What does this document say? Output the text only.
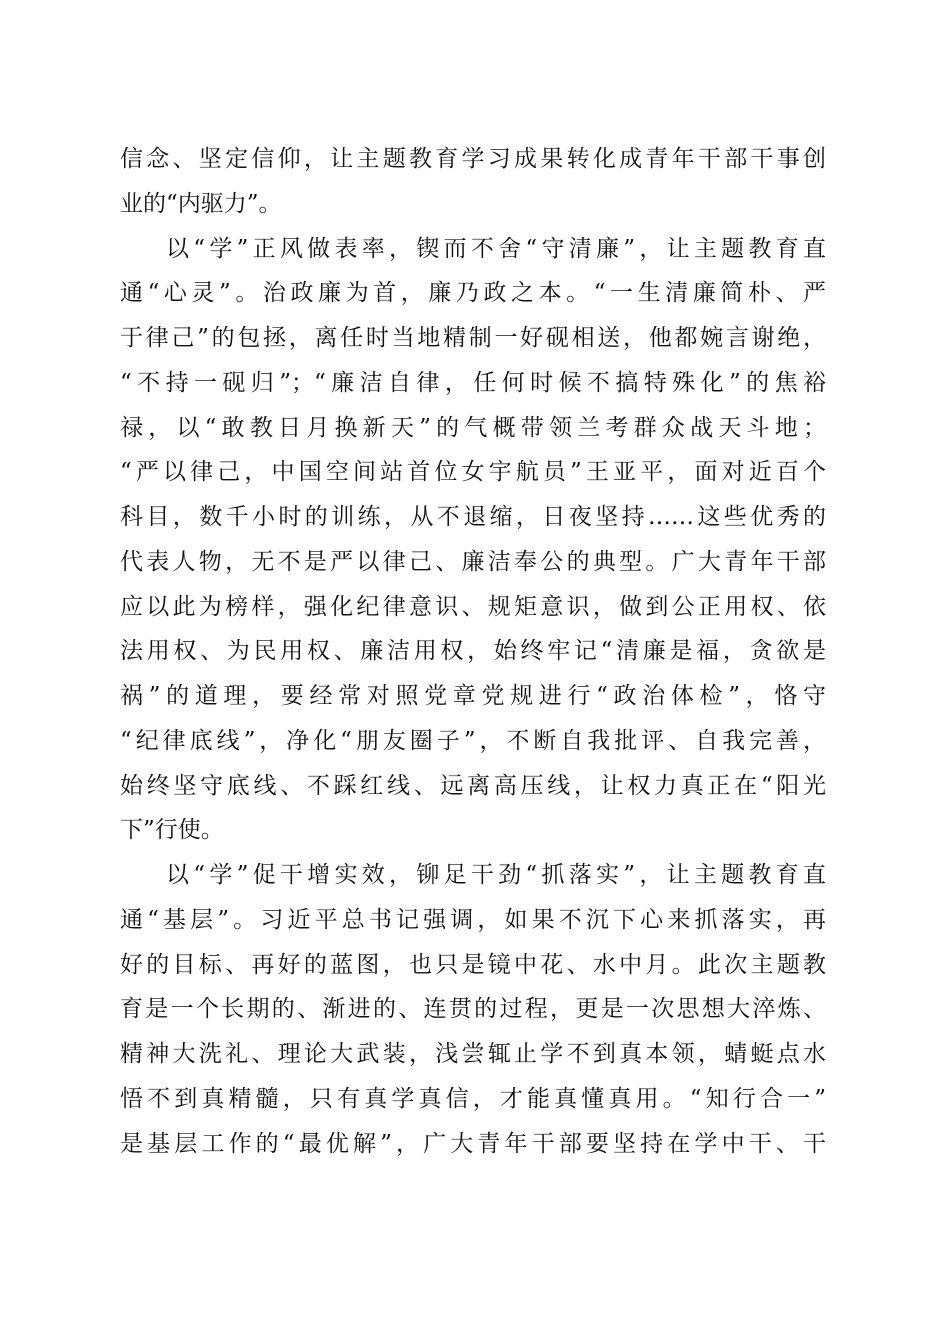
信念、坚定信仰，让主题教育学习成果转化成青年干部干事创
业的“内驱力”。
以“学”正风做表率，锲而不舍“守清廉”，让主题教育直
通“心灵”。治政廉为首，廉乃政之本。“一生清廉简朴、严
于律己”的包拯，离任时当地精制一好砚相送，他都婉言谢绝，
“不持一砚归”；“廉洁自律，任何时候不搞特殊化”的焦裕
禄，以“敢教日月换新天”的气概带领兰考群众战天斗地；
“严以律己，中国空间站首位女宇航员”王亚平，面对近百个
科目，数千小时的训练，从不退缩，日夜坚持……这些优秀的
代表人物，无不是严以律己、廉洁奉公的典型。广大青年干部
应以此为榜样，强化纪律意识、规矩意识，做到公正用权、依
法用权、为民用权、廉洁用权，始终牢记“清廉是福，贪欲是
祸”的道理，要经常对照党章党规进行“政治体检”，恪守
“纪律底线”，净化“朋友圈子”，不断自我批评、自我完善，
始终坚守底线、不踩红线、远离高压线，让权力真正在“阳光
下”行使。
以“学”促干增实效，铆足干劲“抓落实”，让主题教育直
通“基层”。习近平总书记强调，如果不沉下心来抓落实，再
好的目标、再好的蓝图，也只是镜中花、水中月。此次主题教
育是一个长期的、渐进的、连贯的过程，更是一次思想大淬炼、
精神大洗礼、理论大武装，浅尝辄止学不到真本领，蜻蜓点水
悟不到真精髓，只有真学真信，才能真懂真用。“知行合一”
是基层工作的“最优解”，广大青年干部要坚持在学中干、干
